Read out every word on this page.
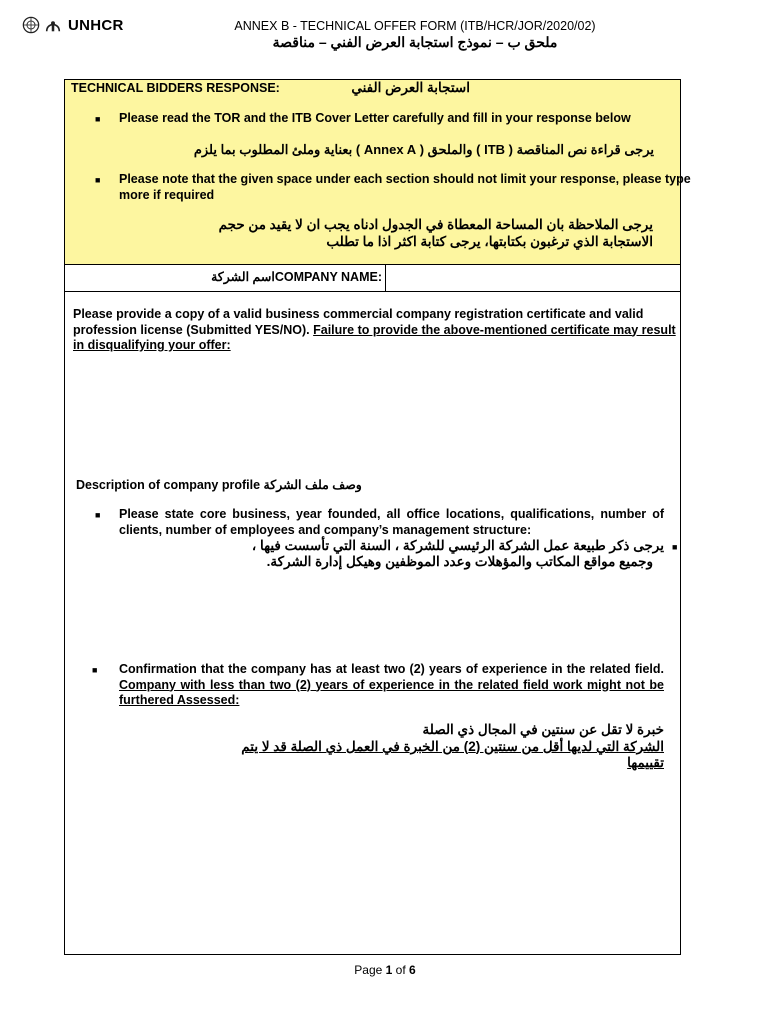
UNHCR	ANNEX B - TECHNICAL OFFER FORM (ITB/HCR/JOR/2020/02)
ملحق ب – نموذج استجابة العرض الفني – مناقصة
TECHNICAL BIDDERS RESPONSE:	استجابة العرض الفني
■ Please read the TOR and the ITB Cover Letter carefully and fill in your response below
يرجى قراءة نص المناقصة ( ITB ) والملحق ( Annex A ) بعناية وملئ المطلوب بما يلزم
■ Please note that the given space under each section should not limit your response, please type more if required
يرجى الملاحظة بان المساحة المعطاة في الجدول ادناه يجب ان لا يقيد من حجم
الاستجابة الذي ترغبون بكتابتها، يرجى كتابة اكثر اذا ما تطلب
اسم الشركةCOMPANY NAME:
Please provide a copy of a valid business commercial company registration certificate and valid profession license (Submitted YES/NO). Failure to provide the above-mentioned certificate may result in disqualifying your offer:
Description of company profile وصف ملف الشركة
■ Please state core business, year founded, all office locations, qualifications, number of clients, number of employees and company’s management structure:
■
يرجى ذكر طبيعة عمل الشركة الرئيسي للشركة ، السنة التي تأسست فيها ،
وجميع مواقع المكاتب والمؤهلات وعدد الموظفين وهيكل إدارة الشركة.
■ Confirmation that the company has at least two (2) years of experience in the related field. Company with less than two (2) years of experience in the related field work might not be furthered Assessed:
خبرة لا تقل عن سنتين في المجال ذي الصلة
الشركة التي لديها أقل من سنتين (2) من الخبرة في العمل ذي الصلة قد لا يتم
تقييمها
Page 1 of 6
